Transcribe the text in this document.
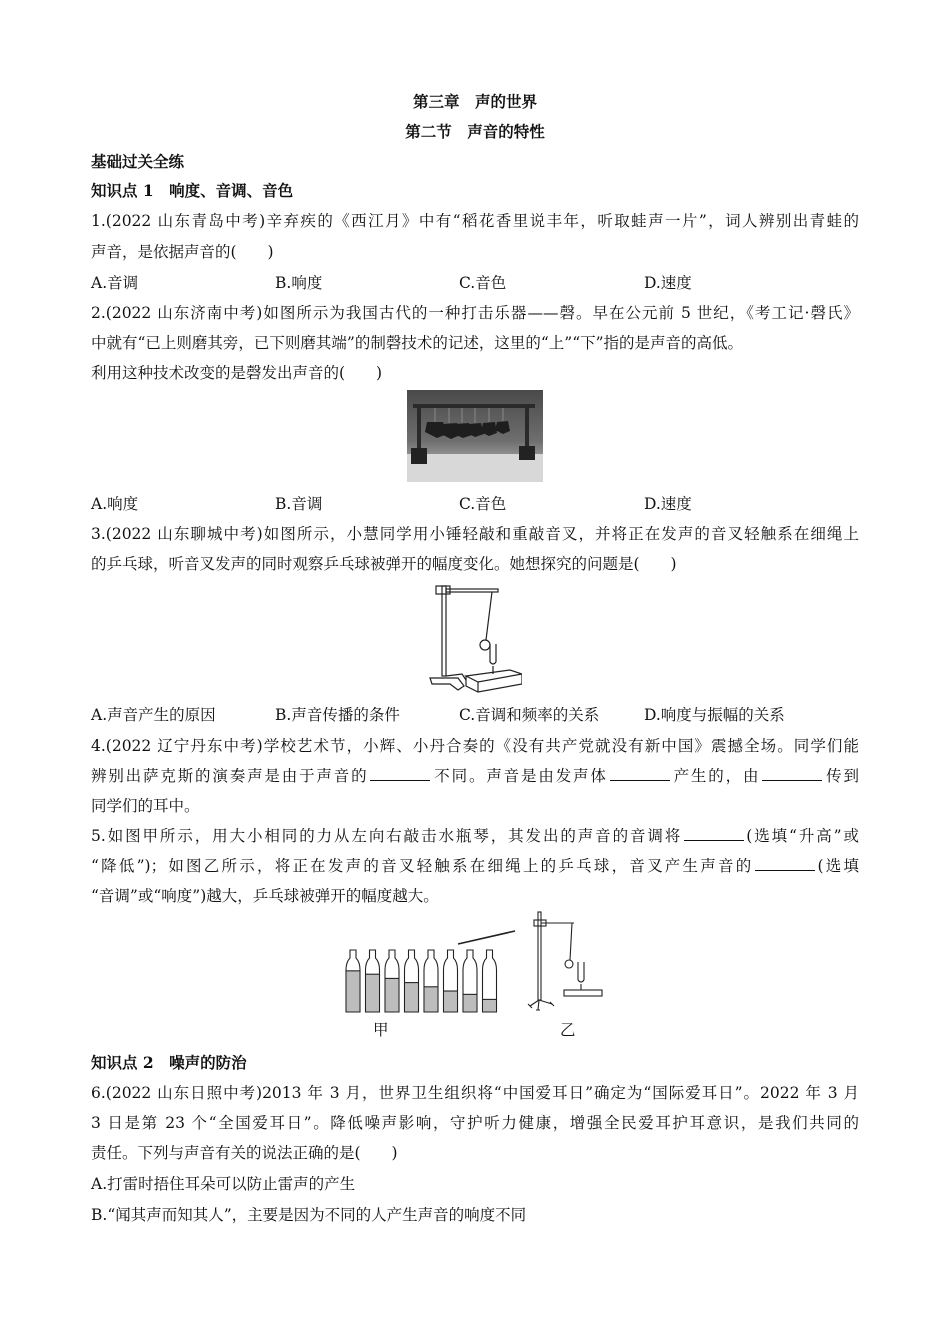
第三章　声的世界
第二节　声音的特性
基础过关全练
知识点 1　响度、音调、音色
1.(2022 山东青岛中考)辛弃疾的《西江月》中有“稻花香里说丰年，听取蛙声一片”，词人辨别出青蛙的
声音，是依据声音的(　　)
A.音调	B.响度	C.音色	D.速度
2.(2022 山东济南中考)如图所示为我国古代的一种打击乐器——磬。早在公元前 5 世纪，《考工记·磬氏》
中就有“已上则磨其旁，已下则磨其端”的制磬技术的记述，这里的“上”“下”指的是声音的高低。
利用这种技术改变的是磬发出声音的(　　)
A.响度	B.音调	C.音色	D.速度
3.(2022 山东聊城中考)如图所示，小慧同学用小锤轻敲和重敲音叉，并将正在发声的音叉轻触系在细绳上
的乒乓球，听音叉发声的同时观察乒乓球被弹开的幅度变化。她想探究的问题是(　　)
A.声音产生的原因	B.声音传播的条件	C.音调和频率的关系	D.响度与振幅的关系
4.(2022 辽宁丹东中考)学校艺术节，小辉、小丹合奏的《没有共产党就没有新中国》震撼全场。同学们能
辨别出萨克斯的演奏声是由于声音的	不同。声音是由发声体	产生的，由	传到
同学们的耳中。
5.如图甲所示，用大小相同的力从左向右敲击水瓶琴，其发出的声音的音调将	(选填“升高”或
“降低”)；如图乙所示，将正在发声的音叉轻触系在细绳上的乒乓球，音叉产生声音的	(选填
“音调”或“响度”)越大，乒乓球被弹开的幅度越大。
甲	乙
知识点 2　噪声的防治
6.(2022 山东日照中考)2013 年 3 月，世界卫生组织将“中国爱耳日”确定为“国际爱耳日”。2022 年 3 月
3 日是第 23 个“全国爱耳日”。降低噪声影响，守护听力健康，增强全民爱耳护耳意识，是我们共同的
责任。下列与声音有关的说法正确的是(　　)
A.打雷时捂住耳朵可以防止雷声的产生
B.“闻其声而知其人”，主要是因为不同的人产生声音的响度不同
